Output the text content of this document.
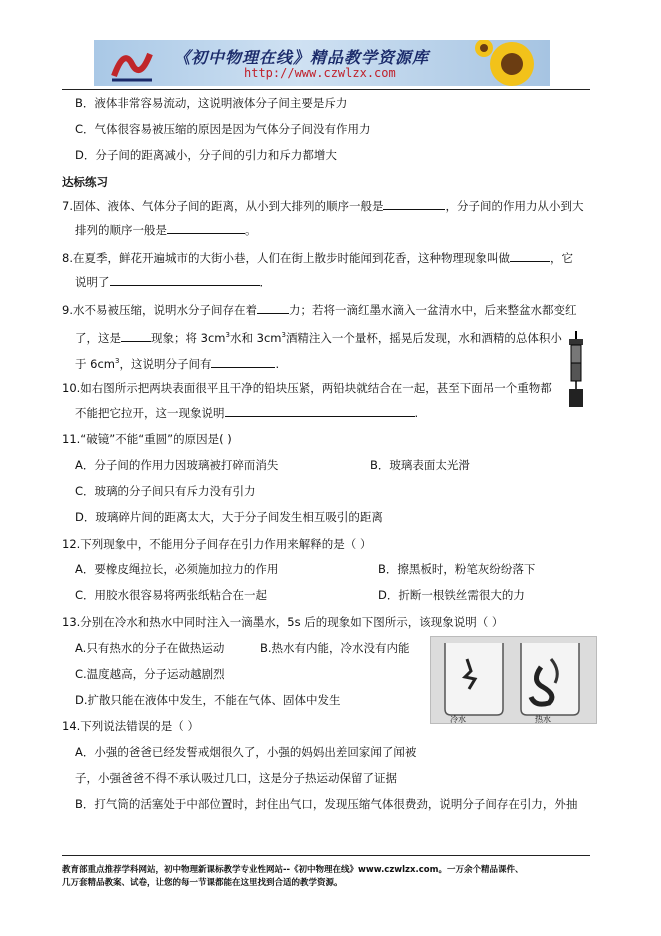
《初中物理在线》精品教学资源库
http://www.czwlzx.com
B．液体非常容易流动，这说明液体分子间主要是斥力
C．气体很容易被压缩的原因是因为气体分子间没有作用力
D．分子间的距离减小，分子间的引力和斥力都增大
达标练习
7.固体、液体、气体分子间的距离，从小到大排列的顺序一般是	，分子间的作用力从小到大
排列的顺序一般是	。
8.在夏季，鲜花开遍城市的大街小巷，人们在街上散步时能闻到花香，这种物理现象叫做	，它
说明了	．
9.水不易被压缩，说明水分子间存在着	力；若将一滴红墨水滴入一盆清水中，后来整盆水都变红
了，这是	现象；将 $3cm^3$水和 $3cm^3$酒精注入一个量杯，摇晃后发现，水和酒精的总体积小
于 $6cm^3$，这说明分子间有	.
10.如右图所示把两块表面很平且干净的铅块压紧，两铅块就结合在一起，甚至下面吊一个重物都
不能把它拉开，这一现象说明	.
11.“破镜”不能“重圆”的原因是( )
A．分子间的作用力因玻璃被打碎而消失	B．玻璃表面太光滑
C．玻璃的分子间只有斥力没有引力
D．玻璃碎片间的距离太大，大于分子间发生相互吸引的距离
12.下列现象中，不能用分子间存在引力作用来解释的是（ ）
A．要橡皮绳拉长，必须施加拉力的作用	B．擦黑板时，粉笔灰纷纷落下
C．用胶水很容易将两张纸粘合在一起	D．折断一根铁丝需很大的力
13.分别在冷水和热水中同时注入一滴墨水，5s 后的现象如下图所示，该现象说明（ ）
A.只有热水的分子在做热运动	B.热水有内能，冷水没有内能
C.温度越高，分子运动越剧烈
D.扩散只能在液体中发生，不能在气体、固体中发生
冷水	热水
14.下列说法错误的是（ ）
A．小强的爸爸已经发誓戒烟很久了，小强的妈妈出差回家闻了闻被
子，小强爸爸不得不承认吸过几口，这是分子热运动保留了证据
B．打气筒的活塞处于中部位置时，封住出气口，发现压缩气体很费劲，说明分子间存在引力，外抽
教育部重点推荐学科网站，初中物理新课标教学专业性网站--《初中物理在线》www.czwlzx.com。一万余个精品课件、
几万套精品教案、试卷，让您的每一节课都能在这里找到合适的教学资源。
